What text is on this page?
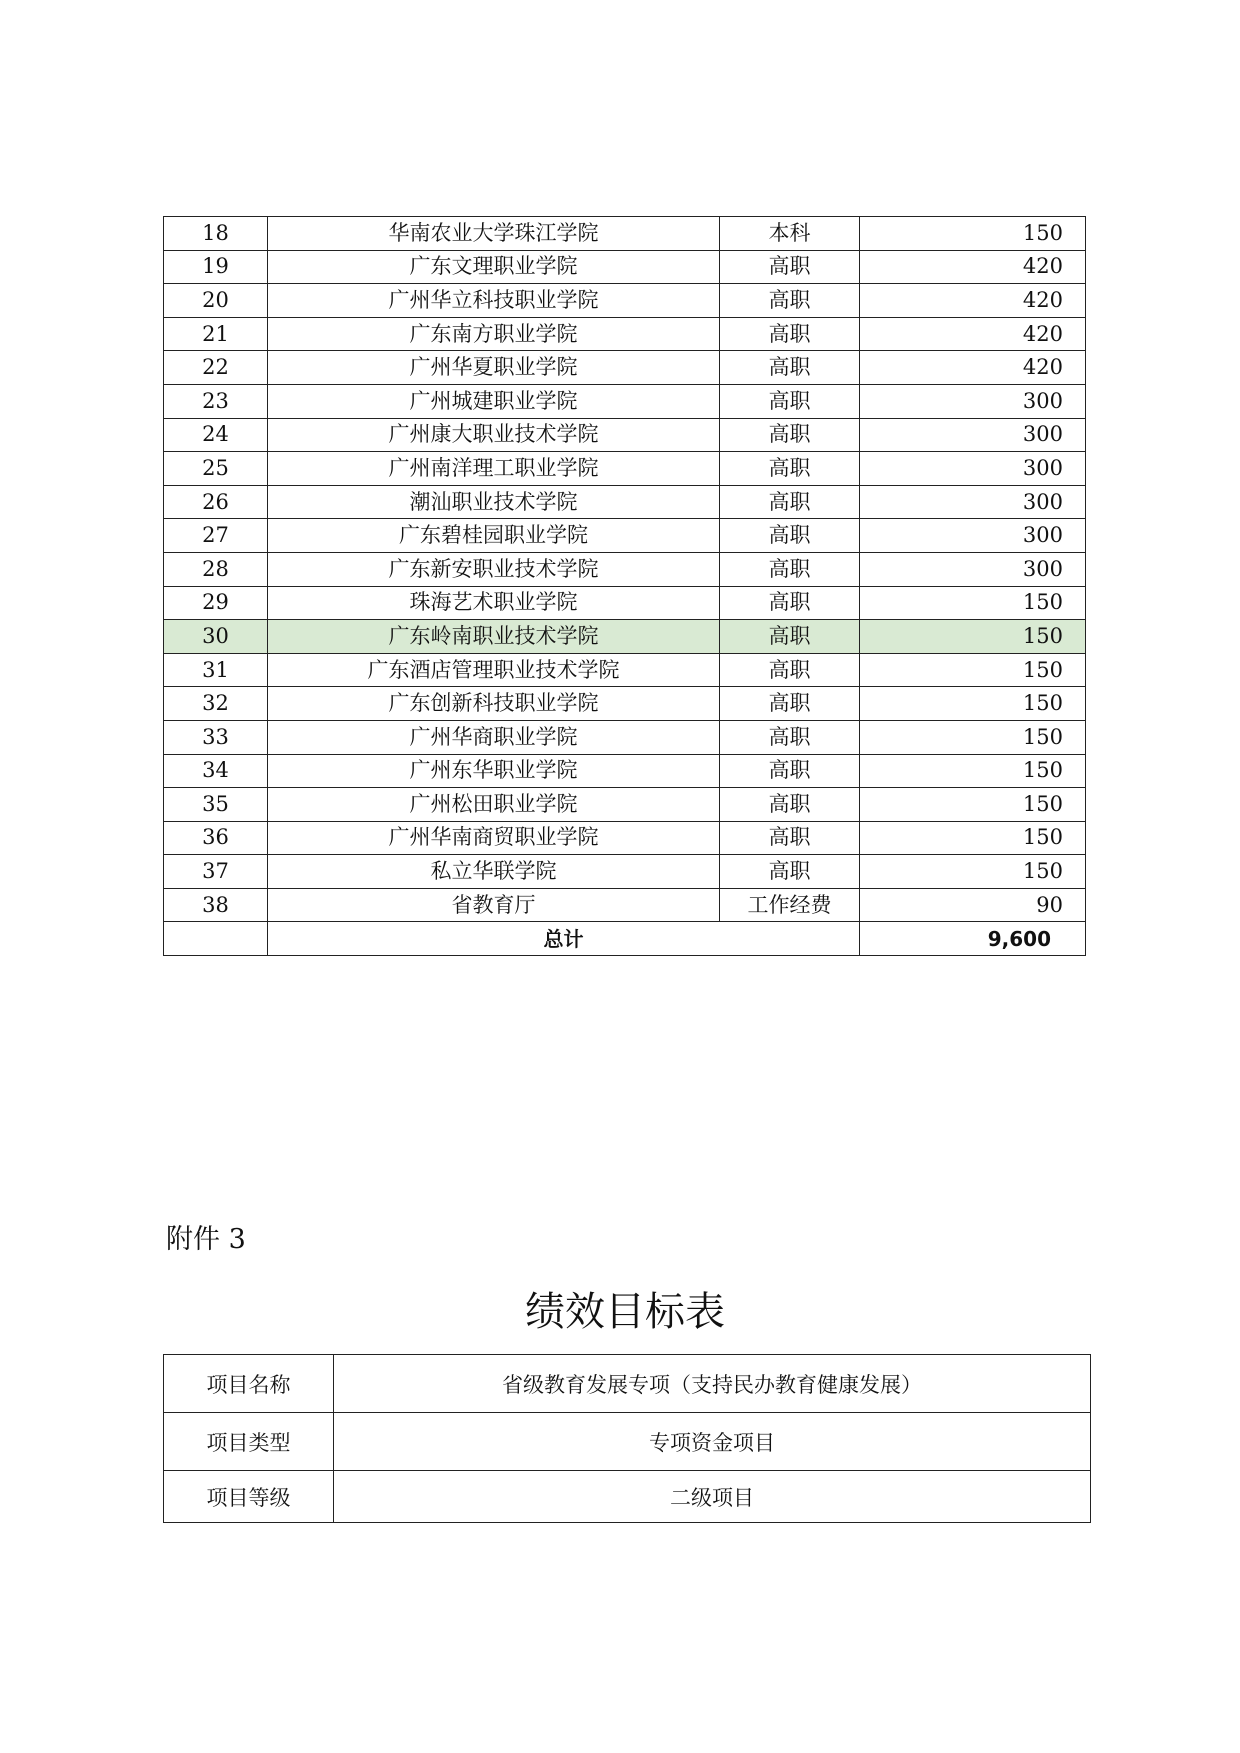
18	华南农业大学珠江学院	本科	150
19	广东文理职业学院	高职	420
20	广州华立科技职业学院	高职	420
21	广东南方职业学院	高职	420
22	广州华夏职业学院	高职	420
23	广州城建职业学院	高职	300
24	广州康大职业技术学院	高职	300
25	广州南洋理工职业学院	高职	300
26	潮汕职业技术学院	高职	300
27	广东碧桂园职业学院	高职	300
28	广东新安职业技术学院	高职	300
29	珠海艺术职业学院	高职	150
30	广东岭南职业技术学院	高职	150
31	广东酒店管理职业技术学院	高职	150
32	广东创新科技职业学院	高职	150
33	广州华商职业学院	高职	150
34	广州东华职业学院	高职	150
35	广州松田职业学院	高职	150
36	广州华南商贸职业学院	高职	150
37	私立华联学院	高职	150
38	省教育厅	工作经费	90
	总计		9,600
附件 3
绩效目标表
项目名称	省级教育发展专项（支持民办教育健康发展）
项目类型	专项资金项目
项目等级	二级项目
